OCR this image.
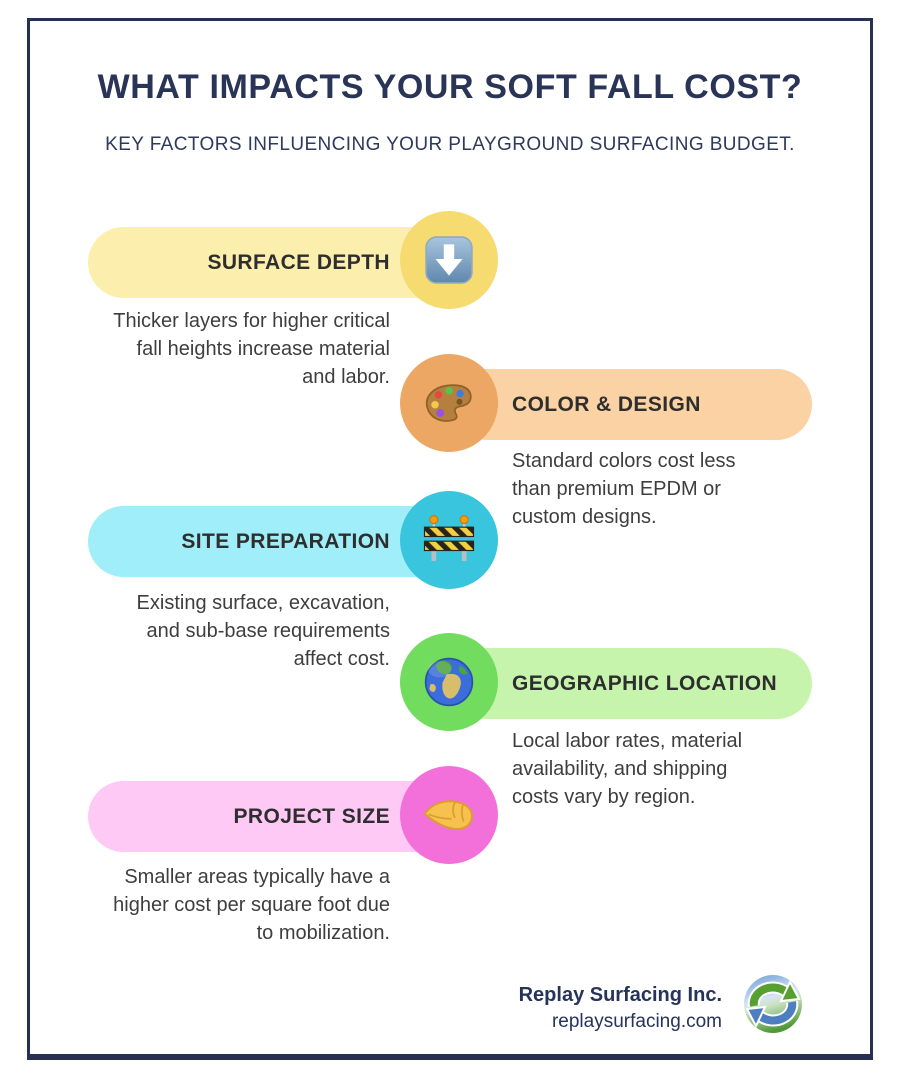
WHAT IMPACTS YOUR SOFT FALL COST?
KEY FACTORS INFLUENCING YOUR PLAYGROUND SURFACING BUDGET.
SURFACE DEPTH

Thicker layers for higher critical fall heights increase material and labor.

COLOR & DESIGN

Standard colors cost less than premium EPDM or custom designs.

SITE PREPARATION

Existing surface, excavation, and sub-base requirements affect cost.

GEOGRAPHIC LOCATION

Local labor rates, material availability, and shipping costs vary by region.

PROJECT SIZE

Smaller areas typically have a higher cost per square foot due to mobilization.

Replay Surfacing Inc.
replaysurfacing.com
